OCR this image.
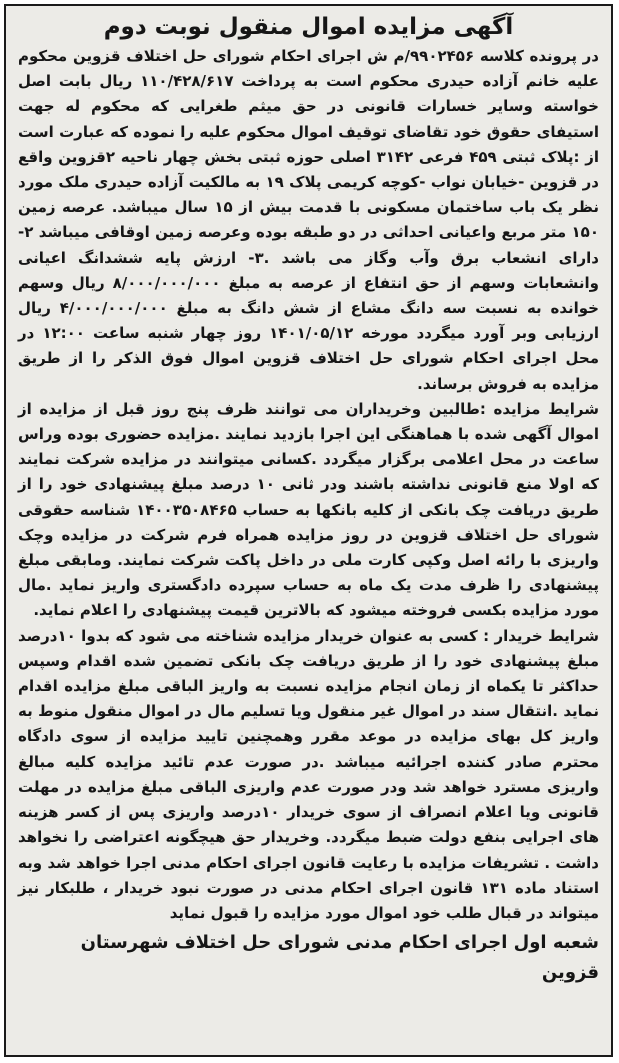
آگهی مزایده اموال منقول نوبت دوم

در پرونده کلاسه ۹۹۰۲۴۵۶/م ش اجرای احکام شورای حل اختلاف قزوین محکوم علیه خانم آزاده حیدری محکوم است به پرداخت ۱۱۰/۴۲۸/۶۱۷ ریال بابت اصل خواسته وسایر خسارات قانونی در حق میثم طغرایی که محکوم له جهت استیفای حقوق خود تقاضای توقیف اموال محکوم علیه را نموده که عبارت است از :پلاک ثبتی ۴۵۹ فرعی ۳۱۴۲ اصلی حوزه ثبتی بخش چهار ناحیه ۲قزوین واقع در قزوین -خیابان نواب -کوچه کریمی پلاک ۱۹ به مالکیت آزاده حیدری ملک مورد نظر یک باب ساختمان مسکونی با قدمت بیش از ۱۵ سال میباشد. عرصه زمین ۱۵۰ متر مربع واعیانی احداثی در دو طبقه بوده وعرصه زمین اوقافی میباشد ۲- دارای انشعاب برق وآب وگاز می باشد .۳- ارزش پایه ششدانگ اعیانی وانشعابات وسهم از حق انتفاع از عرصه به مبلغ ۸/۰۰۰/۰۰۰/۰۰۰ ریال وسهم خوانده به نسبت سه دانگ مشاع از شش دانگ به مبلغ ۴/۰۰۰/۰۰۰/۰۰۰ ریال ارزیابی وبر آورد میگردد مورخه ۱۴۰۱/۰۵/۱۲ روز چهار شنبه ساعت ۱۲:۰۰ در محل اجرای احکام شورای حل اختلاف قزوین اموال فوق الذکر را از طریق مزایده به فروش برساند.

شرایط مزایده :طالبین وخریداران می توانند ظرف پنج روز قبل از مزایده از اموال آگهی شده با هماهنگی این اجرا بازدید نمایند .مزایده حضوری بوده وراس ساعت در محل اعلامی برگزار میگردد .کسانی میتوانند در مزایده شرکت نمایند که اولا منع قانونی نداشته باشند ودر ثانی ۱۰ درصد مبلغ پیشنهادی خود را از طریق دریافت چک بانکی از کلیه بانکها به حساب ۱۴۰۰۳۵۰۸۴۶۵ شناسه حقوقی شورای حل اختلاف قزوین در روز مزایده همراه فرم شرکت در مزایده وچک واریزی با رائه اصل وکپی کارت ملی در داخل پاکت شرکت نمایند. ومابقی مبلغ پیشنهادی را ظرف مدت یک ماه به حساب سپرده دادگستری واریز نماید .مال مورد مزایده بکسی فروخته میشود که بالاترین قیمت پیشنهادی را اعلام نماید.

شرایط خریدار : کسی به عنوان خریدار مزایده شناخته می شود که بدوا ۱۰درصد مبلغ پیشنهادی خود را از طریق دریافت چک بانکی تضمین شده اقدام وسپس حداکثر تا یکماه از زمان انجام مزایده نسبت به واریز الباقی مبلغ مزایده اقدام نماید .انتقال سند در اموال غیر منقول ویا تسلیم مال در اموال منقول منوط به واریز کل بهای مزایده در موعد مقرر وهمچنین تایید مزایده از سوی دادگاه محترم صادر کننده اجرائیه میباشد .در صورت عدم تائید مزایده کلیه مبالغ واریزی مسترد خواهد شد ودر صورت عدم واریزی الباقی مبلغ مزایده در مهلت قانونی ویا اعلام انصراف از سوی خریدار ۱۰درصد واریزی پس از کسر هزینه های اجرایی بنفع دولت ضبط میگردد. وخریدار حق هیچگونه اعتراضی را نخواهد داشت . تشریفات مزایده با رعایت قانون اجرای احکام مدنی اجرا خواهد شد وبه استناد ماده ۱۳۱ قانون اجرای احکام مدنی در صورت نبود خریدار ، طلبکار نیز میتواند در قبال طلب خود اموال مورد مزایده را قبول نماید

شعبه اول اجرای احکام مدنی شورای حل اختلاف شهرستان قزوین
